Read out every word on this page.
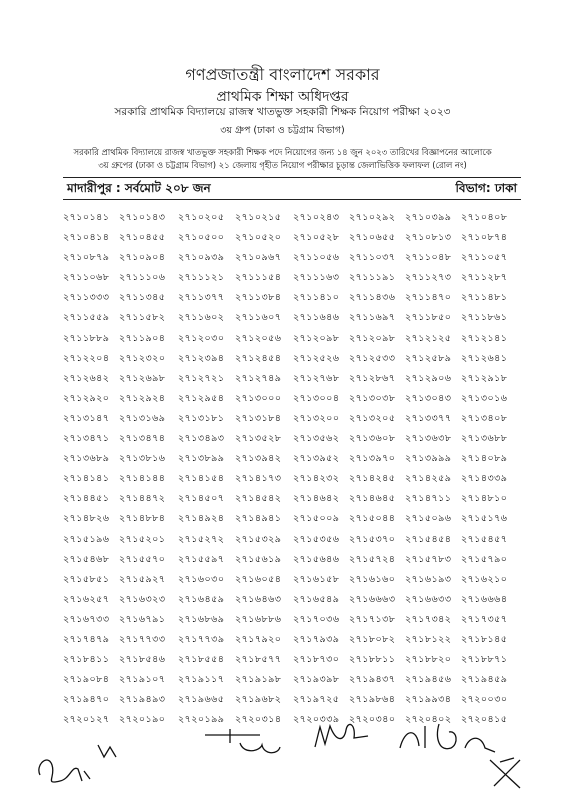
গণপ্রজাতন্ত্রী বাংলাদেশ সরকার
প্রাথমিক শিক্ষা অধিদপ্তর
সরকারি প্রাথমিক বিদ্যালয়ে রাজস্ব খাতভুক্ত সহকারী শিক্ষক নিয়োগ পরীক্ষা ২০২৩
৩য় গ্রুপ (ঢাকা ও চট্টগ্রাম বিভাগ)
সরকারি প্রাথমিক বিদ্যালয়ে রাজস্ব খাতভুক্ত সহকারী শিক্ষক পদে নিয়োগের জন্য ১৪ জুন ২০২৩ তারিখের বিজ্ঞাপনের আলোকে
৩য় গ্রুপের (ঢাকা ও চট্টগ্রাম বিভাগ) ২১ জেলায় গৃহীত নিয়োগ পরীক্ষার চূড়ান্ত জেলাভিত্তিক ফলাফল (রোল নং)
মাদারীপুর : সর্বমোট ২০৮ জন	বিভাগ: ঢাকা
২৭১০১৪১ ২৭১০১৪৩	২৭১০২০৫	২৭১০২১৫	২৭১০২৪৩ ২৭১০২৯২ ২৭১০৩৯৯ ২৭১০৪০৮
২৭১০৪১৪ ২৭১০৪৫৫	২৭১০৫০০	২৭১০৫২০	২৭১০৫২৮ ২৭১০৬৫৫ ২৭১০৮১৩ ২৭১০৮৭৪
২৭১০৮৭৯ ২৭১০৯০৪	২৭১০৯৩৯	২৭১০৯৬৭	২৭১১০৫৬ ২৭১১০৩৭ ২৭১১০৪৮ ২৭১১০৫৭
২৭১১০৬৮ ২৭১১১০৬	২৭১১১২১	২৭১১১৫৪	২৭১১১৬৩ ২৭১১১৯১ ২৭১১২৭৩ ২৭১১২৮৭
২৭১১৩৩৩ ২৭১১৩৪৫	২৭১১৩৭৭	২৭১১৩৮৪	২৭১১৪১০ ২৭১১৪৩৬ ২৭১১৪৭০ ২৭১১৪৮১
২৭১১৫৫৯ ২৭১১৫৮২	২৭১১৬০২	২৭১১৬০৭	২৭১১৬৪৬ ২৭১১৬৯৭ ২৭১১৮৫০ ২৭১১৮৬১
২৭১১৮৮৯ ২৭১১৯০৪	২৭১২০৩০	২৭১২০৫৬	২৭১২০৯৮ ২৭১২০৯৮ ২৭১২১২৫ ২৭১২১৪১
২৭১২২০৪ ২৭১২৩২০	২৭১২৩৯৪	২৭১২৪৫৪	২৭১২৫২৬ ২৭১২৫৩৩ ২৭১২৫৮৯ ২৭১২৬৪১
২৭১২৬৪২ ২৭১২৬৯৮	২৭১২৭২১	২৭১২৭৪৯	২৭১২৭৬৮ ২৭১২৮৬৭ ২৭১২৯০৬ ২৭১২৯১৮
২৭১২৯২০ ২৭১২৯২৪	২৭১২৯৫৪	২৭১৩০০০	২৭১৩০০৪ ২৭১৩০৩৮ ২৭১৩০৪৩ ২৭১৩০১৬
২৭১৩১৪৭ ২৭১৩১৬৯	২৭১৩১৮১	২৭১৩১৮৪	২৭১৩২০০ ২৭১৩২০৫ ২৭১৩৩৭৭ ২৭১৩৪০৮
২৭১৩৪৭১ ২৭১৩৪৭৪	২৭১৩৪৯৩	২৭১৩৫২৮	২৭১৩৫৬২ ২৭১৩৬০৮ ২৭১৩৬৩৮ ২৭১৩৬৮৮
২৭১৩৬৮৯ ২৭১৩৮১৬	২৭১৩৮৯৯	২৭১৩৯৪২	২৭১৩৯৫২ ২৭১৩৯৭০ ২৭১৩৯৯৯ ২৭১৪০৮৯
২৭১৪১৪১ ২৭১৪১৪৪	২৭১৪১৫৪	২৭১৪১৭৩	২৭১৪২৩২ ২৭১৪২৪৫ ২৭১৪২৫৯ ২৭১৪৩৩৯
২৭১৪৪৫১ ২৭১৪৪৭২	২৭১৪৫০৭	২৭১৪৫৪২	২৭১৪৬৪২ ২৭১৪৬৪৫ ২৭১৪৭১১ ২৭১৪৮১০
২৭১৪৮২৬ ২৭১৪৮৮৪	২৭১৪৯২৪	২৭১৪৯৪১	২৭১৫০০৯ ২৭১৫০৪৪ ২৭১৫০৯৬ ২৭১৫১৭৬
২৭১৫১৯৬ ২৭১৫২০১	২৭১৫২৭২	২৭১৫৩২৯	২৭১৫৩৫৬ ২৭১৫৩৭০ ২৭১৫৪৫৪ ২৭১৫৪৫৭
২৭১৫৪৬৮ ২৭১৫৫৭০	২৭১৫৫৯৭	২৭১৫৬১৯	২৭১৫৬৪৬ ২৭১৫৭২৪ ২৭১৫৭৮৩ ২৭১৫৭৯০
২৭১৫৮৫১ ২৭১৫৯২৭	২৭১৬০৩০	২৭১৬০৫৪	২৭১৬১৫৮ ২৭১৬১৬০ ২৭১৬১৯৩ ২৭১৬২১০
২৭১৬২৫৭ ২৭১৬৩২৩	২৭১৬৪৫৯	২৭১৬৪৬৩	২৭১৬৫৪৯ ২৭১৬৬৬৩ ২৭১৬৬৩৩ ২৭১৬৬৬৪
২৭১৬৭৩৩ ২৭১৬৭৯১	২৭১৬৮৬৯	২৭১৬৮৮৬	২৭১৭০৩৬ ২৭১৭১৩৮ ২৭১৭৩৪২ ২৭১৭৩৫৭
২৭১৭৪৭৯ ২৭১৭৭৩৩	২৭১৭৭৩৯	২৭১৭৯২০	২৭১৭৯৩৯ ২৭১৮০৮২ ২৭১৮১২২ ২৭১৮১৪৫
২৭১৮৪১১ ২৭১৮৫৪৬	২৭১৮৫৫৪	২৭১৮৫৭৭	২৭১৮৭৩০ ২৭১৮৮১১ ২৭১৮৮২০ ২৭১৮৮৭১
২৭১৯০৮৪ ২৭১৯১০৭	২৭১৯১১৭	২৭১৯১৯৮	২৭১৯৩৯৮ ২৭১৯৪৩৭ ২৭১৯৪৫৬ ২৭১৯৪৫৯
২৭১৯৪৭০ ২৭১৯৪৯৩	২৭১৯৬৬৫	২৭১৯৬৮২	২৭১৯৭২৫ ২৭১৯৮৬৪ ২৭১৯৯৩৪ ২৭২০০৩০
২৭২০১২৭ ২৭২০১৯০	২৭২০১৯৯	২৭২০৩১৪	২৭২০৩৩৯ ২৭২০৩৪০ ২৭২০৪০২ ২৭২০৪১৫
